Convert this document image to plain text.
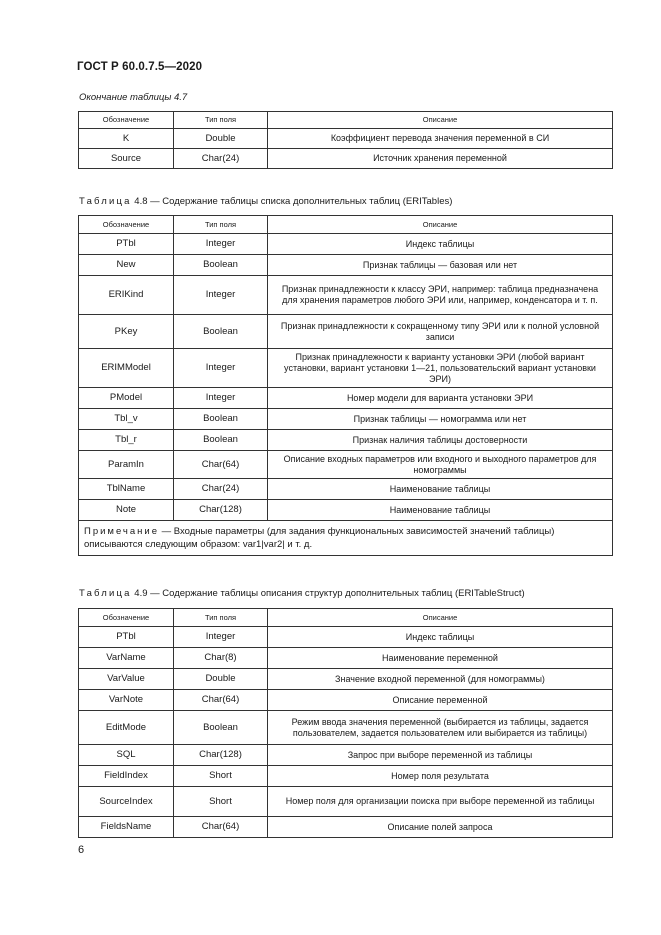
ГОСТ Р 60.0.7.5—2020
Окончание таблицы 4.7
Обозначение	Тип поля	Описание
K	Double	Коэффициент перевода значения переменной в СИ
Source	Char(24)	Источник хранения переменной
Таблица 4.8 — Содержание таблицы списка дополнительных таблиц (ERITables)
Обозначение	Тип поля	Описание
PTbl	Integer	Индекс таблицы
New	Boolean	Признак таблицы — базовая или нет
ERIKind	Integer	Признак принадлежности к классу ЭРИ, например: таблица предназначена для хранения параметров любого ЭРИ или, например, конденсатора и т. п.
PKey	Boolean	Признак принадлежности к сокращенному типу ЭРИ или к полной условной записи
ERIMModel	Integer	Признак принадлежности к варианту установки ЭРИ (любой вариант установки, вариант установки 1—21, пользовательский вариант установки ЭРИ)
PModel	Integer	Номер модели для варианта установки ЭРИ
Tbl_v	Boolean	Признак таблицы — номограмма или нет
Tbl_r	Boolean	Признак наличия таблицы достоверности
ParamIn	Char(64)	Описание входных параметров или входного и выходного параметров для номограммы
TblName	Char(24)	Наименование таблицы
Note	Char(128)	Наименование таблицы
Примечание — Входные параметры (для задания функциональных зависимостей значений таблицы) описываются следующим образом: var1|var2| и т. д.		
Таблица 4.9 — Содержание таблицы описания структур дополнительных таблиц (ERITableStruct)
Обозначение	Тип поля	Описание
PTbl	Integer	Индекс таблицы
VarName	Char(8)	Наименование переменной
VarValue	Double	Значение входной переменной (для номограммы)
VarNote	Char(64)	Описание переменной
EditMode	Boolean	Режим ввода значения переменной (выбирается из таблицы, задается пользователем, задается пользователем или выбирается из таблицы)
SQL	Char(128)	Запрос при выборе переменной из таблицы
FieldIndex	Short	Номер поля результата
SourceIndex	Short	Номер поля для организации поиска при выборе переменной из таблицы
FieldsName	Char(64)	Описание полей запроса
6
